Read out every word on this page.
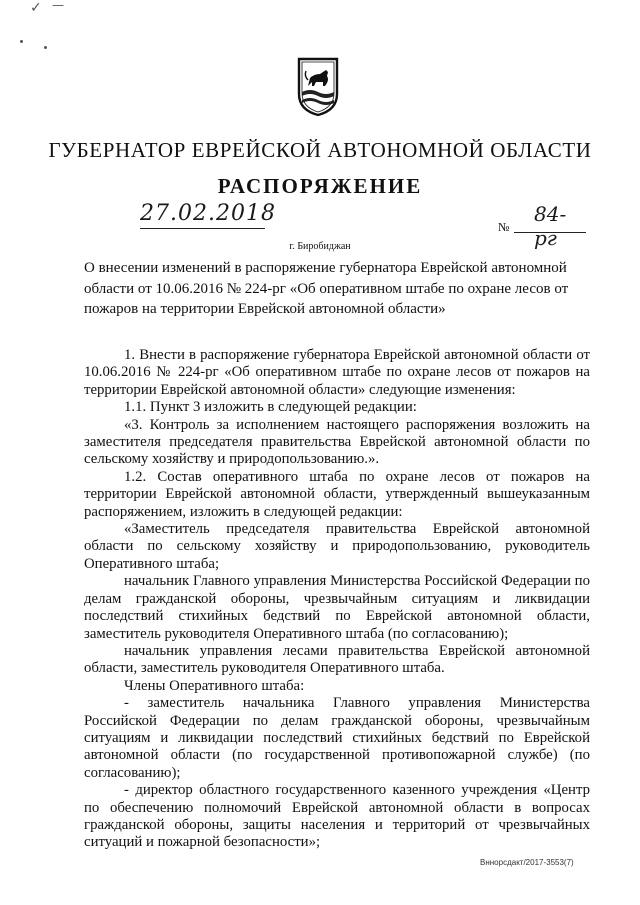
✓ —
ГУБЕРНАТОР ЕВРЕЙСКОЙ АВТОНОМНОЙ ОБЛАСТИ
РАСПОРЯЖЕНИЕ
27.02.2018
№
84-рг
г. Биробиджан
О внесении изменений в распоряжение губернатора Еврейской автономной области от 10.06.2016 № 224-рг «Об оперативном штабе по охране лесов от пожаров на территории Еврейской автономной области»

1. Внести в распоряжение губернатора Еврейской автономной области от 10.06.2016 № 224-рг «Об оперативном штабе по охране лесов от пожаров на территории Еврейской автономной области» следующие изменения:

1.1. Пункт 3 изложить в следующей редакции:

«3. Контроль за исполнением настоящего распоряжения возложить на заместителя председателя правительства Еврейской автономной области по сельскому хозяйству и природопользованию.».

1.2. Состав оперативного штаба по охране лесов от пожаров на территории Еврейской автономной области, утвержденный вышеуказанным распоряжением, изложить в следующей редакции:

«Заместитель председателя правительства Еврейской автономной области по сельскому хозяйству и природопользованию, руководитель Оперативного штаба;

начальник Главного управления Министерства Российской Федерации по делам гражданской обороны, чрезвычайным ситуациям и ликвидации последствий стихийных бедствий по Еврейской автономной области, заместитель руководителя Оперативного штаба (по согласованию);

начальник управления лесами правительства Еврейской автономной области, заместитель руководителя Оперативного штаба.

Члены Оперативного штаба:

- заместитель начальника Главного управления Министерства Российской Федерации по делам гражданской обороны, чрезвычайным ситуациям и ликвидации последствий стихийных бедствий по Еврейской автономной области (по государственной противопожарной службе) (по согласованию);

- директор областного государственного казенного учреждения «Центр по обеспечению полномочий Еврейской автономной области в вопросах гражданской обороны, защиты населения и территорий от чрезвычайных ситуаций и пожарной безопасности»;

Вннорсдакт/2017-3553(7)
